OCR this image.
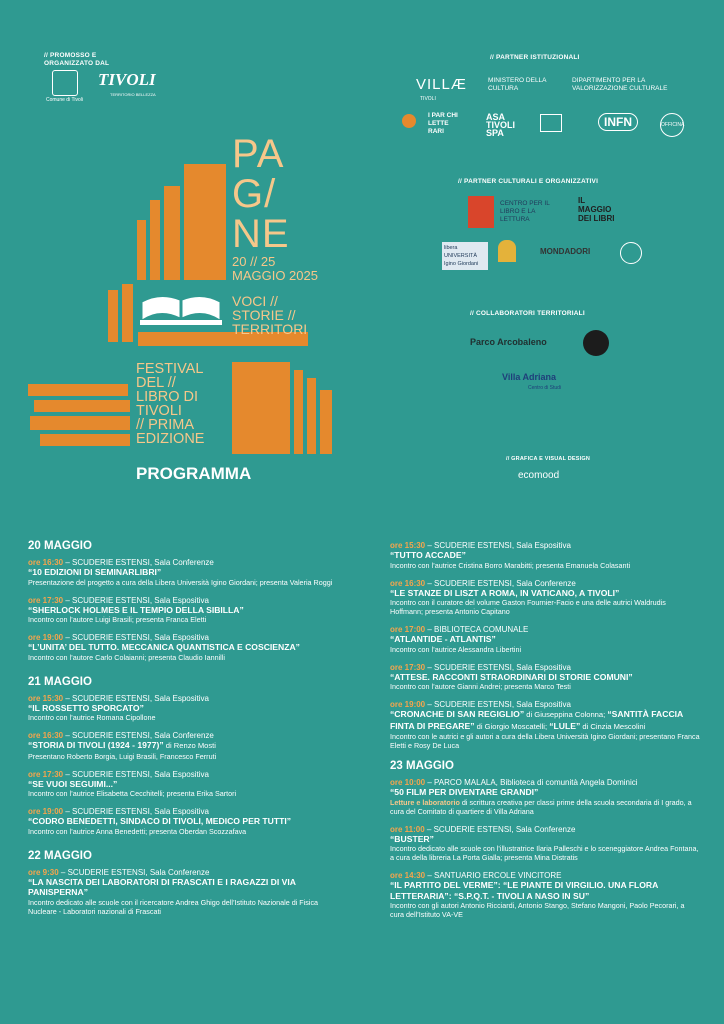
// PROMOSSO E ORGANIZZATO DAL
Comune di Tivoli
TIVOLI
TERRITORIO BELLEZZA
// PARTNER ISTITUZIONALI
VILLÆ
TIVOLI
MINISTERO DELLA CULTURA
DIPARTIMENTO PER LA VALORIZZAZIONE CULTURALE
I PAR CHI LETTE RARI
ASA TIVOLI SPA
INFN	OFFICINA
// PARTNER CULTURALI E ORGANIZZATIVI
CENTRO PER IL LIBRO E LA LETTURA
IL MAGGIO DEI LIBRI
libera UNIVERSITÀ Igino Giordani
MONDADORI
// COLLABORATORI TERRITORIALI
Parco Arcobaleno
Villa Adriana
Centro di Studi
// GRAFICA E VISUAL DESIGN
ecomood
PA
G/
NE
20 // 25
MAGGIO 2025
VOCI //
STORIE //
TERRITORI
FESTIVAL
DEL //
LIBRO DI
TIVOLI
// PRIMA
EDIZIONE
PROGRAMMA
20 MAGGIO
ore 16:30 – SCUDERIE ESTENSI, Sala Conferenze
“10 EDIZIONI DI SEMINARLIBRI”
Presentazione del progetto a cura della Libera Università Igino Giordani; presenta Valeria Roggi
ore 17:30 – SCUDERIE ESTENSI, Sala Espositiva
“SHERLOCK HOLMES E IL TEMPIO DELLA SIBILLA”
Incontro con l’autore Luigi Brasili; presenta Franca Eletti
ore 19:00 – SCUDERIE ESTENSI, Sala Espositiva
“L’UNITA’ DEL TUTTO. MECCANICA QUANTISTICA E COSCIENZA”
Incontro con l’autore Carlo Colaianni; presenta Claudio Iannilli
21 MAGGIO
ore 15:30 – SCUDERIE ESTENSI, Sala Espositiva
“IL ROSSETTO SPORCATO”
Incontro con l’autrice Romana Cipollone
ore 16:30 – SCUDERIE ESTENSI, Sala Conferenze
“STORIA DI TIVOLI (1924 - 1977)” di Renzo Mosti
Presentano Roberto Borgia, Luigi Brasili, Francesco Ferruti
ore 17:30 – SCUDERIE ESTENSI, Sala Espositiva
“SE VUOI SEGUIMI...”
Incontro con l’autrice Elisabetta Cecchitelli; presenta Erika Sartori
ore 19:00 – SCUDERIE ESTENSI, Sala Espositiva
“CODRO BENEDETTI, SINDACO DI TIVOLI, MEDICO PER TUTTI”
Incontro con l’autrice Anna Benedetti; presenta Oberdan Scozzafava
22 MAGGIO
ore 9:30 – SCUDERIE ESTENSI, Sala Conferenze
“LA NASCITA DEI LABORATORI DI FRASCATI E I RAGAZZI DI VIA PANISPERNA”
Incontro dedicato alle scuole con il ricercatore Andrea Ghigo dell’Istituto Nazionale di Fisica Nucleare - Laboratori nazionali di Frascati
ore 15:30 – SCUDERIE ESTENSI, Sala Espositiva
“TUTTO ACCADE”
Incontro con l’autrice Cristina Borro Marabitti; presenta Emanuela Colasanti
ore 16:30 – SCUDERIE ESTENSI, Sala Conferenze
“LE STANZE DI LISZT A ROMA, IN VATICANO, A TIVOLI”
Incontro con il curatore del volume Gaston Fournier-Facio e una delle autrici Waldrudis Hoffmann; presenta Antonio Capitano
ore 17:00 – BIBLIOTECA COMUNALE
“ATLANTIDE - ATLANTIS”
Incontro con l’autrice Alessandra Libertini
ore 17:30 – SCUDERIE ESTENSI, Sala Espositiva
“ATTESE. RACCONTI STRAORDINARI DI STORIE COMUNI”
Incontro con l’autore Gianni Andrei; presenta Marco Testi
ore 19:00 – SCUDERIE ESTENSI, Sala Espositiva
“CRONACHE DI SAN REGIGLIO” di Giuseppina Colonna; “SANTITÀ FACCIA FINTA DI PREGARE” di Giorgio Moscatelli; “LULE” di Cinzia Mescolini
Incontro con le autrici e gli autori a cura della Libera Università Igino Giordani; presentano Franca Eletti e Rosy De Luca
23 MAGGIO
ore 10:00 – PARCO MALALA, Biblioteca di comunità Angela Dominici
“50 FILM PER DIVENTARE GRANDI”
Letture e laboratorio di scrittura creativa per classi prime della scuola secondaria di I grado, a cura del Comitato di quartiere di Villa Adriana
ore 11:00 – SCUDERIE ESTENSI, Sala Conferenze
“BUSTER”
Incontro dedicato alle scuole con l’illustratrice Ilaria Palleschi e lo sceneggiatore Andrea Fontana, a cura della libreria La Porta Gialla; presenta Mina Distratis
ore 14:30 – SANTUARIO ERCOLE VINCITORE
“IL PARTITO DEL VERME”: “LE PIANTE DI VIRGILIO. UNA FLORA LETTERARIA”: “S.P.Q.T. - TIVOLI A NASO IN SU”
Incontro con gli autori Antonio Ricciardi, Antonio Stango, Stefano Mangoni, Paolo Pecorari, a cura dell’Istituto VA-VE
